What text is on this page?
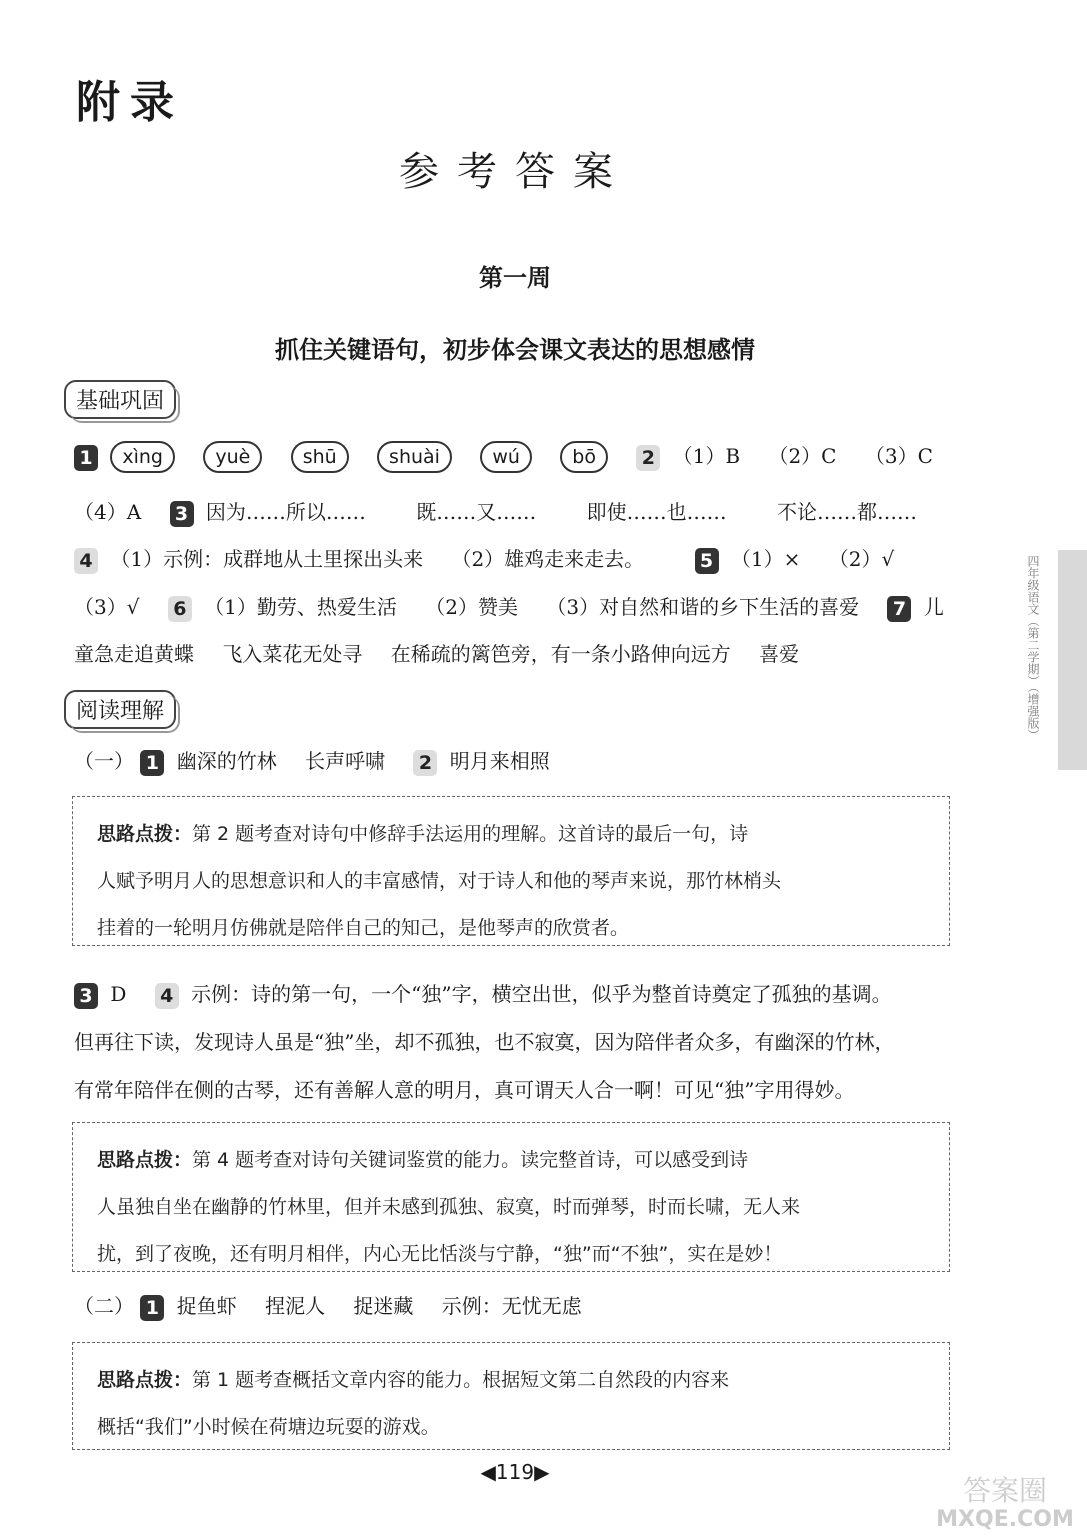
附录
参考答案
第一周
抓住关键语句，初步体会课文表达的思想感情
基础巩固
1 xìng	yuè	shū	shuài	wú	bō 2 （1）B （2）C （3）C
（4）A 3 因为……所以……	既……又……	即使……也……	不论……都……
4 （1）示例：成群地从土里探出头来 （2）雄鸡走来走去。	5 （1）× （2）√
（3）√ 6 （1）勤劳、热爱生活 （2）赞美 （3）对自然和谐的乡下生活的喜爱 7 儿
童急走追黄蝶 飞入菜花无处寻 在稀疏的篱笆旁，有一条小路伸向远方 喜爱
阅读理解
（一） 1 幽深的竹林 长声呼啸 2 明月来相照
思路点拨：第 2 题考查对诗句中修辞手法运用的理解。这首诗的最后一句，诗
人赋予明月人的思想意识和人的丰富感情，对于诗人和他的琴声来说，那竹林梢头
挂着的一轮明月仿佛就是陪伴自己的知己，是他琴声的欣赏者。
3 D 4 示例：诗的第一句，一个“独”字，横空出世，似乎为整首诗奠定了孤独的基调。
但再往下读，发现诗人虽是“独”坐，却不孤独，也不寂寞，因为陪伴者众多，有幽深的竹林，
有常年陪伴在侧的古琴，还有善解人意的明月，真可谓天人合一啊！可见“独”字用得妙。
思路点拨：第 4 题考查对诗句关键词鉴赏的能力。读完整首诗，可以感受到诗
人虽独自坐在幽静的竹林里，但并未感到孤独、寂寞，时而弹琴，时而长啸，无人来
扰，到了夜晚，还有明月相伴，内心无比恬淡与宁静，“独”而“不独”，实在是妙！
（二） 1 捉鱼虾 捏泥人 捉迷藏 示例：无忧无虑
思路点拨：第 1 题考查概括文章内容的能力。根据短文第二自然段的内容来
概括“我们”小时候在荷塘边玩耍的游戏。
◀119▶
四年级语文（第二学期）（增强版）
答案圈
MXQE.COM
